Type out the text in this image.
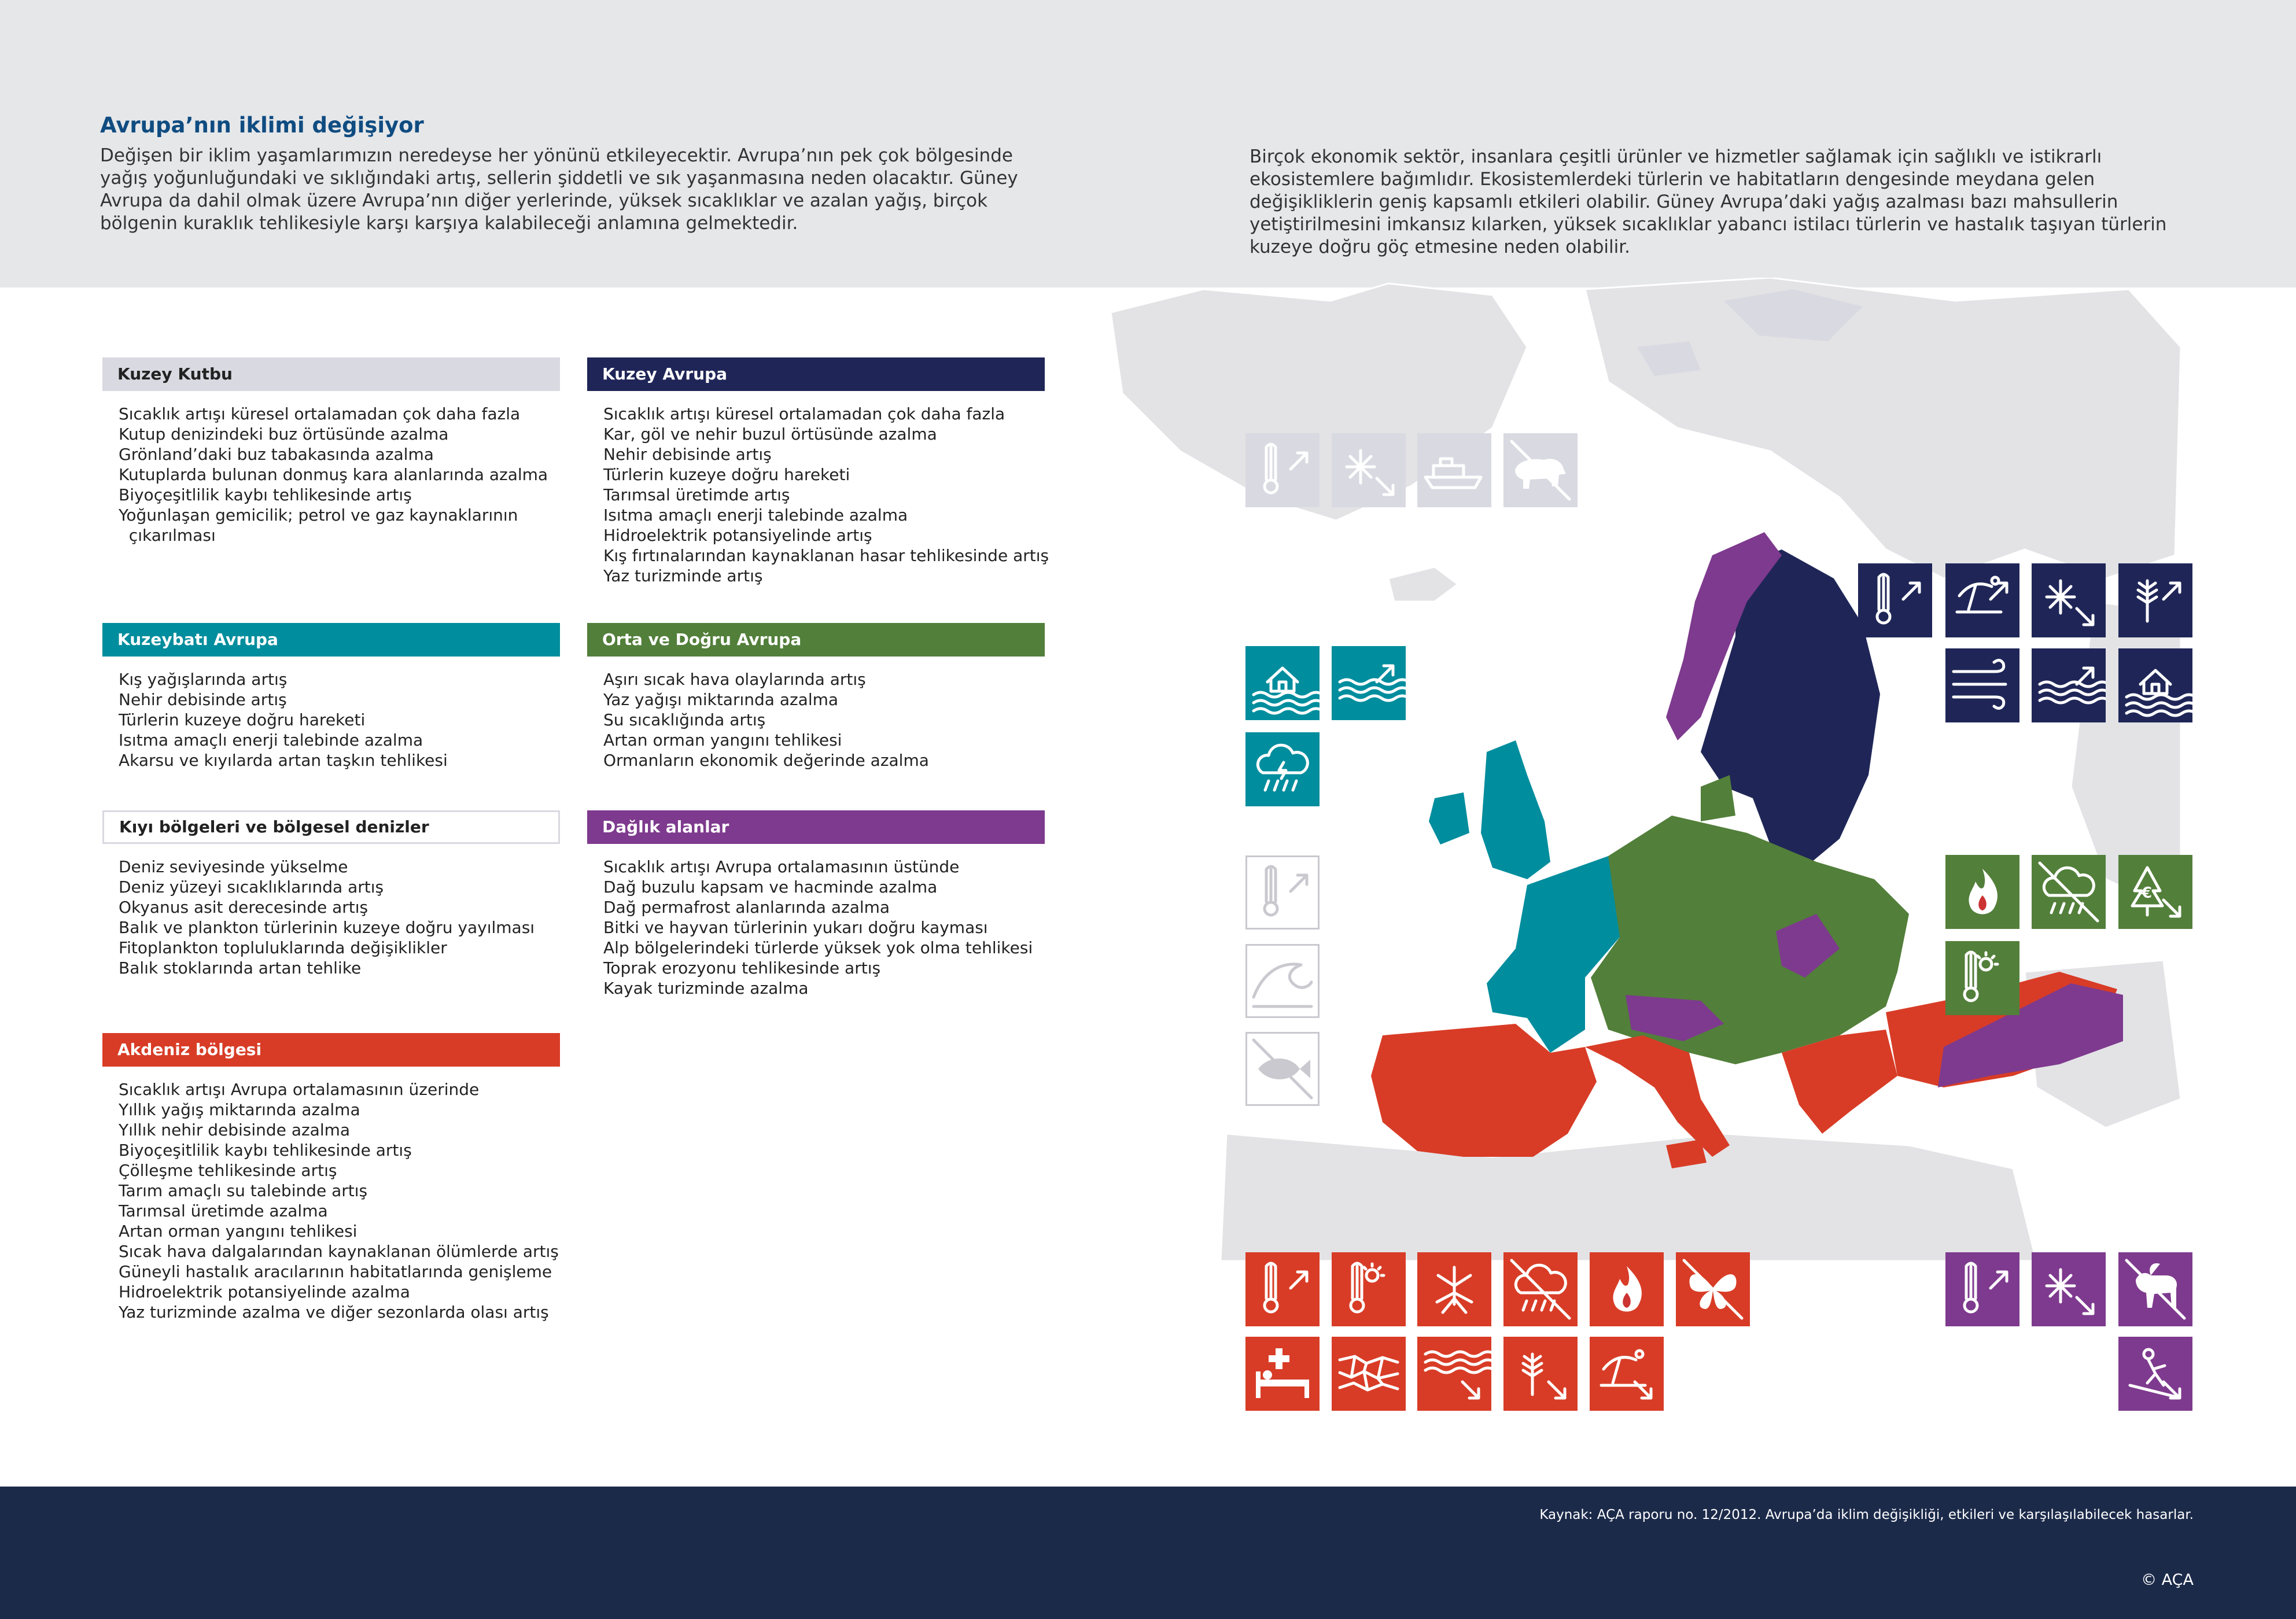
Avrupa’nın iklimi değişiyor
Değişen bir iklim yaşamlarımızın neredeyse her yönünü etkileyecektir. Avrupa’nın pek çok bölgesinde yağış yoğunluğundaki ve sıklığındaki artış, sellerin şiddetli ve sık yaşanmasına neden olacaktır. Güney Avrupa da dahil olmak üzere Avrupa’nın diğer yerlerinde, yüksek sıcaklıklar ve azalan yağış, birçok bölgenin kuraklık tehlikesiyle karşı karşıya kalabileceği anlamına gelmektedir.
Birçok ekonomik sektör, insanlara çeşitli ürünler ve hizmetler sağlamak için sağlıklı ve istikrarlı ekosistemlere bağımlıdır. Ekosistemlerdeki türlerin ve habitatların dengesinde meydana gelen değişikliklerin geniş kapsamlı etkileri olabilir. Güney Avrupa’daki yağış azalması bazı mahsullerin yetiştirilmesini imkansız kılarken, yüksek sıcaklıklar yabancı istilacı türlerin ve hastalık taşıyan türlerin kuzeye doğru göç etmesine neden olabilir.
Kuzey Kutbu
Sıcaklık artışı küresel ortalamadan çok daha fazla
Kutup denizindeki buz örtüsünde azalma
Grönland’daki buz tabakasında azalma
Kutuplarda bulunan donmuş kara alanlarında azalma
Biyoçeşitlilik kaybı tehlikesinde artış
Yoğunlaşan gemicilik; petrol ve gaz kaynaklarının
çıkarılması
Kuzey Avrupa
Sıcaklık artışı küresel ortalamadan çok daha fazla
Kar, göl ve nehir buzul örtüsünde azalma
Nehir debisinde artış
Türlerin kuzeye doğru hareketi
Tarımsal üretimde artış
Isıtma amaçlı enerji talebinde azalma
Hidroelektrik potansiyelinde artış
Kış fırtınalarından kaynaklanan hasar tehlikesinde artış
Yaz turizminde artış
Kuzeybatı Avrupa
Kış yağışlarında artış
Nehir debisinde artış
Türlerin kuzeye doğru hareketi
Isıtma amaçlı enerji talebinde azalma
Akarsu ve kıyılarda artan taşkın tehlikesi
Orta ve Doğru Avrupa
Aşırı sıcak hava olaylarında artış
Yaz yağışı miktarında azalma
Su sıcaklığında artış
Artan orman yangını tehlikesi
Ormanların ekonomik değerinde azalma
Kıyı bölgeleri ve bölgesel denizler
Deniz seviyesinde yükselme
Deniz yüzeyi sıcaklıklarında artış
Okyanus asit derecesinde artış
Balık ve plankton türlerinin kuzeye doğru yayılması
Fitoplankton topluluklarında değişiklikler
Balık stoklarında artan tehlike
Dağlık alanlar
Sıcaklık artışı Avrupa ortalamasının üstünde
Dağ buzulu kapsam ve hacminde azalma
Dağ permafrost alanlarında azalma
Bitki ve hayvan türlerinin yukarı doğru kayması
Alp bölgelerindeki türlerde yüksek yok olma tehlikesi
Toprak erozyonu tehlikesinde artış
Kayak turizminde azalma
Akdeniz bölgesi
Sıcaklık artışı Avrupa ortalamasının üzerinde
Yıllık yağış miktarında azalma
Yıllık nehir debisinde azalma
Biyoçeşitlilik kaybı tehlikesinde artış
Çölleşme tehlikesinde artış
Tarım amaçlı su talebinde artış
Tarımsal üretimde azalma
Artan orman yangını tehlikesi
Sıcak hava dalgalarından kaynaklanan ölümlerde artış
Güneyli hastalık aracılarının habitatlarında genişleme
Hidroelektrik potansiyelinde azalma
Yaz turizminde azalma ve diğer sezonlarda olası artış
Kaynak: AÇA raporu no. 12/2012. Avrupa’da iklim değişikliği, etkileri ve karşılaşılabilecek hasarlar.
© AÇA
€
